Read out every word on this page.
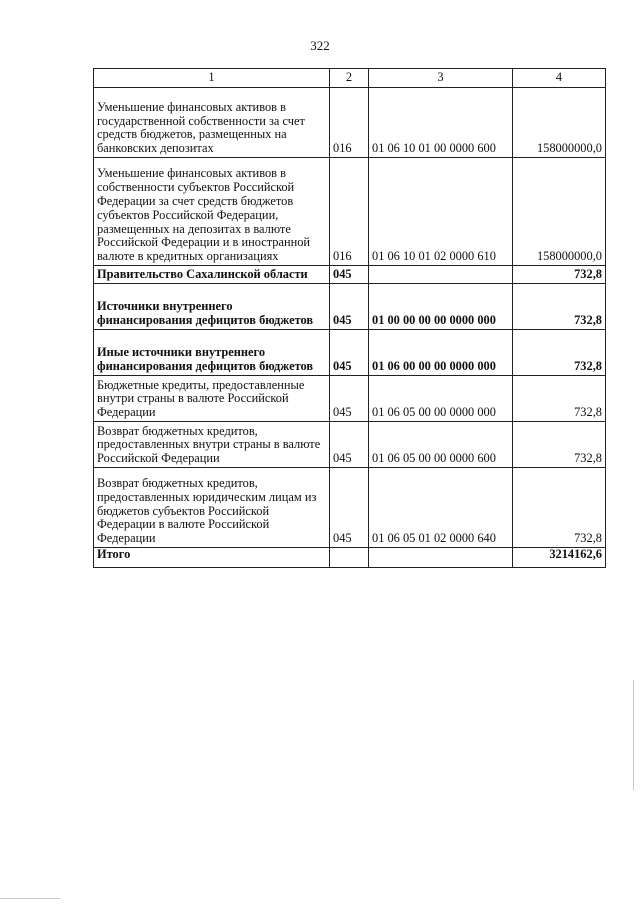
322
1	2	3	4
Уменьшение финансовых активов в государственной собственности за счет средств бюджетов, размещенных на банковских депозитах	016	01 06 10 01 00 0000 600	158000000,0
Уменьшение финансовых активов в собственности субъектов Российской Федерации за счет средств бюджетов субъектов Российской Федерации, размещенных на депозитах в валюте Российской Федерации и в иностранной валюте в кредитных организациях	016	01 06 10 01 02 0000 610	158000000,0
Правительство Сахалинской области	045		732,8
Источники внутреннего финансирования дефицитов бюджетов	045	01 00 00 00 00 0000 000	732,8
Иные источники внутреннего финансирования дефицитов бюджетов	045	01 06 00 00 00 0000 000	732,8
Бюджетные кредиты, предоставленные внутри страны в валюте Российской Федерации	045	01 06 05 00 00 0000 000	732,8
Возврат бюджетных кредитов, предоставленных внутри страны в валюте Российской Федерации	045	01 06 05 00 00 0000 600	732,8
Возврат бюджетных кредитов, предоставленных юридическим лицам из бюджетов субъектов Российской Федерации в валюте Российской Федерации	045	01 06 05 01 02 0000 640	732,8
Итого			3214162,6
